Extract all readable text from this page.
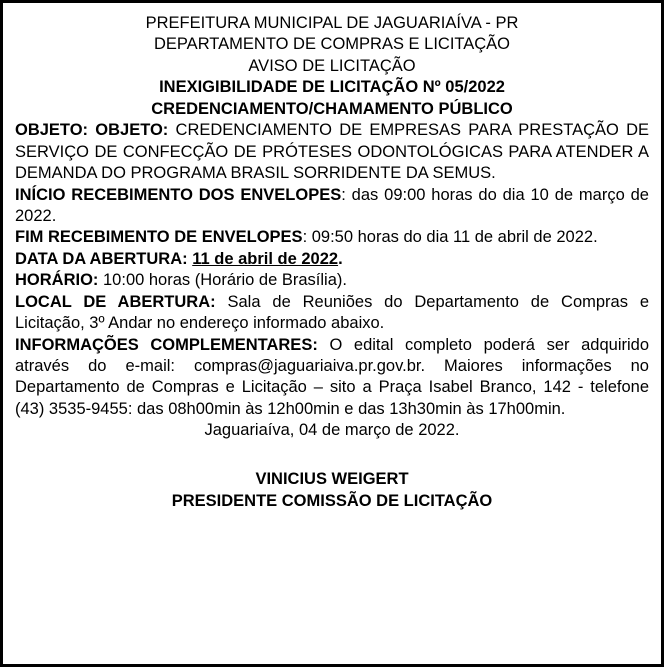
PREFEITURA MUNICIPAL DE JAGUARIAÍVA - PR
DEPARTAMENTO DE COMPRAS E LICITAÇÃO
AVISO DE LICITAÇÃO
INEXIGIBILIDADE DE LICITAÇÃO Nº 05/2022
CREDENCIAMENTO/CHAMAMENTO PÚBLICO

OBJETO: OBJETO: CREDENCIAMENTO DE EMPRESAS PARA PRESTAÇÃO DE SERVIÇO DE CONFECÇÃO DE PRÓTESES ODONTOLÓGICAS PARA ATENDER A DEMANDA DO PROGRAMA BRASIL SORRIDENTE DA SEMUS.

INÍCIO RECEBIMENTO DOS ENVELOPES: das 09:00 horas do dia 10 de março de 2022.

FIM RECEBIMENTO DE ENVELOPES: 09:50 horas do dia 11 de abril de 2022.

DATA DA ABERTURA: 11 de abril de 2022.

HORÁRIO: 10:00 horas (Horário de Brasília).

LOCAL DE ABERTURA: Sala de Reuniões do Departamento de Compras e Licitação, 3º Andar no endereço informado abaixo.

INFORMAÇÕES COMPLEMENTARES: O edital completo poderá ser adquirido através do e-mail: compras@jaguariaiva.pr.gov.br. Maiores informações no Departamento de Compras e Licitação – sito a Praça Isabel Branco, 142 - telefone (43) 3535-9455: das 08h00min às 12h00min e das 13h30min às 17h00min.

Jaguariaíva, 04 de março de 2022.

VINICIUS WEIGERT
PRESIDENTE COMISSÃO DE LICITAÇÃO
